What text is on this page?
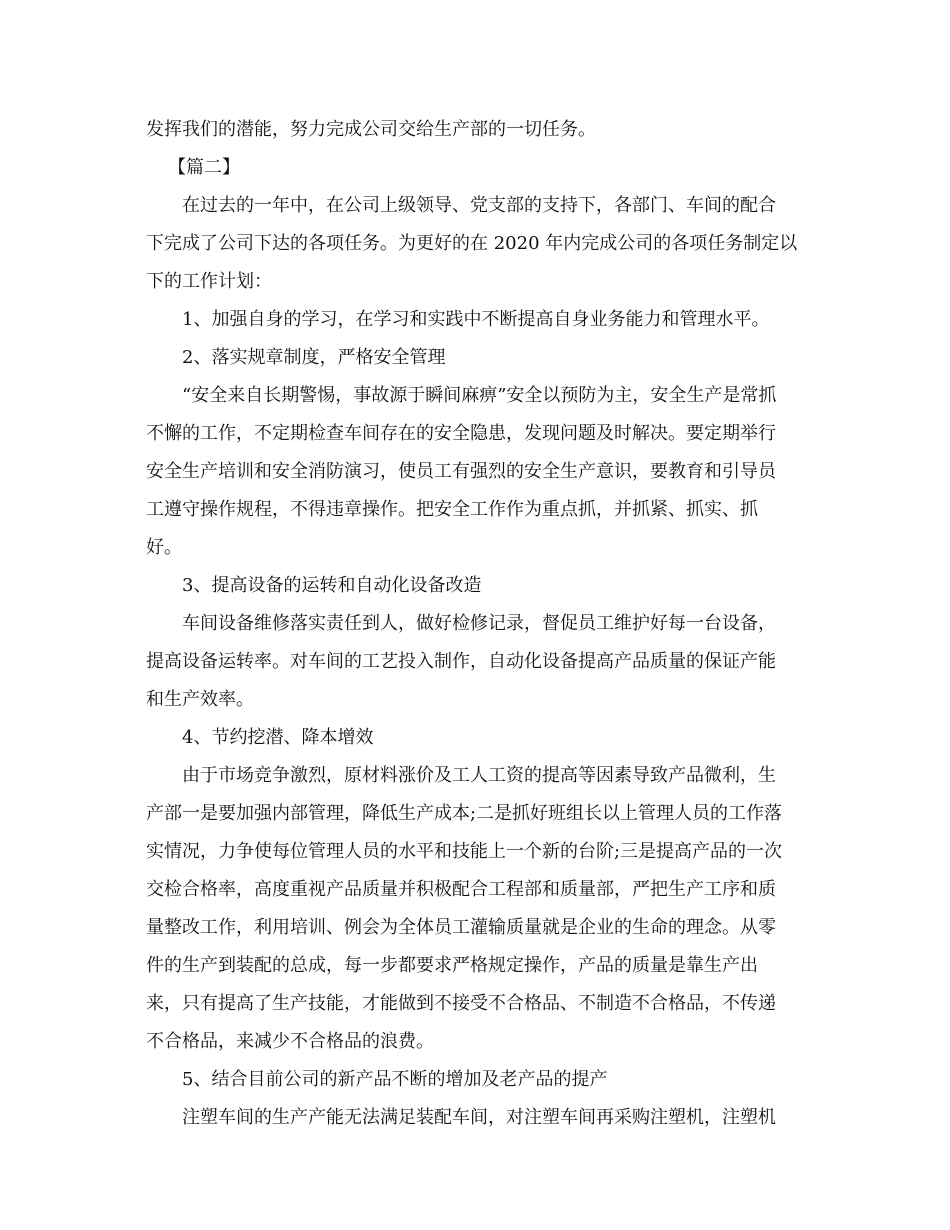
发挥我们的潜能，努力完成公司交给生产部的一切任务。
【篇二】
在过去的一年中，在公司上级领导、党支部的支持下，各部门、车间的配合
下完成了公司下达的各项任务。为更好的在 2020 年内完成公司的各项任务制定以
下的工作计划：
1、加强自身的学习，在学习和实践中不断提高自身业务能力和管理水平。
2、落实规章制度，严格安全管理
“安全来自长期警惕，事故源于瞬间麻痹”安全以预防为主，安全生产是常抓
不懈的工作，不定期检查车间存在的安全隐患，发现问题及时解决。要定期举行
安全生产培训和安全消防演习，使员工有强烈的安全生产意识，要教育和引导员
工遵守操作规程，不得违章操作。把安全工作作为重点抓，并抓紧、抓实、抓
好。
3、提高设备的运转和自动化设备改造
车间设备维修落实责任到人，做好检修记录，督促员工维护好每一台设备，
提高设备运转率。对车间的工艺投入制作，自动化设备提高产品质量的保证产能
和生产效率。
4、节约挖潜、降本增效
由于市场竞争激烈，原材料涨价及工人工资的提高等因素导致产品微利，生
产部一是要加强内部管理，降低生产成本;二是抓好班组长以上管理人员的工作落
实情况，力争使每位管理人员的水平和技能上一个新的台阶;三是提高产品的一次
交检合格率，高度重视产品质量并积极配合工程部和质量部，严把生产工序和质
量整改工作，利用培训、例会为全体员工灌输质量就是企业的生命的理念。从零
件的生产到装配的总成，每一步都要求严格规定操作，产品的质量是靠生产出
来，只有提高了生产技能，才能做到不接受不合格品、不制造不合格品，不传递
不合格品，来减少不合格品的浪费。
5、结合目前公司的新产品不断的增加及老产品的提产
注塑车间的生产产能无法满足装配车间，对注塑车间再采购注塑机，注塑机
